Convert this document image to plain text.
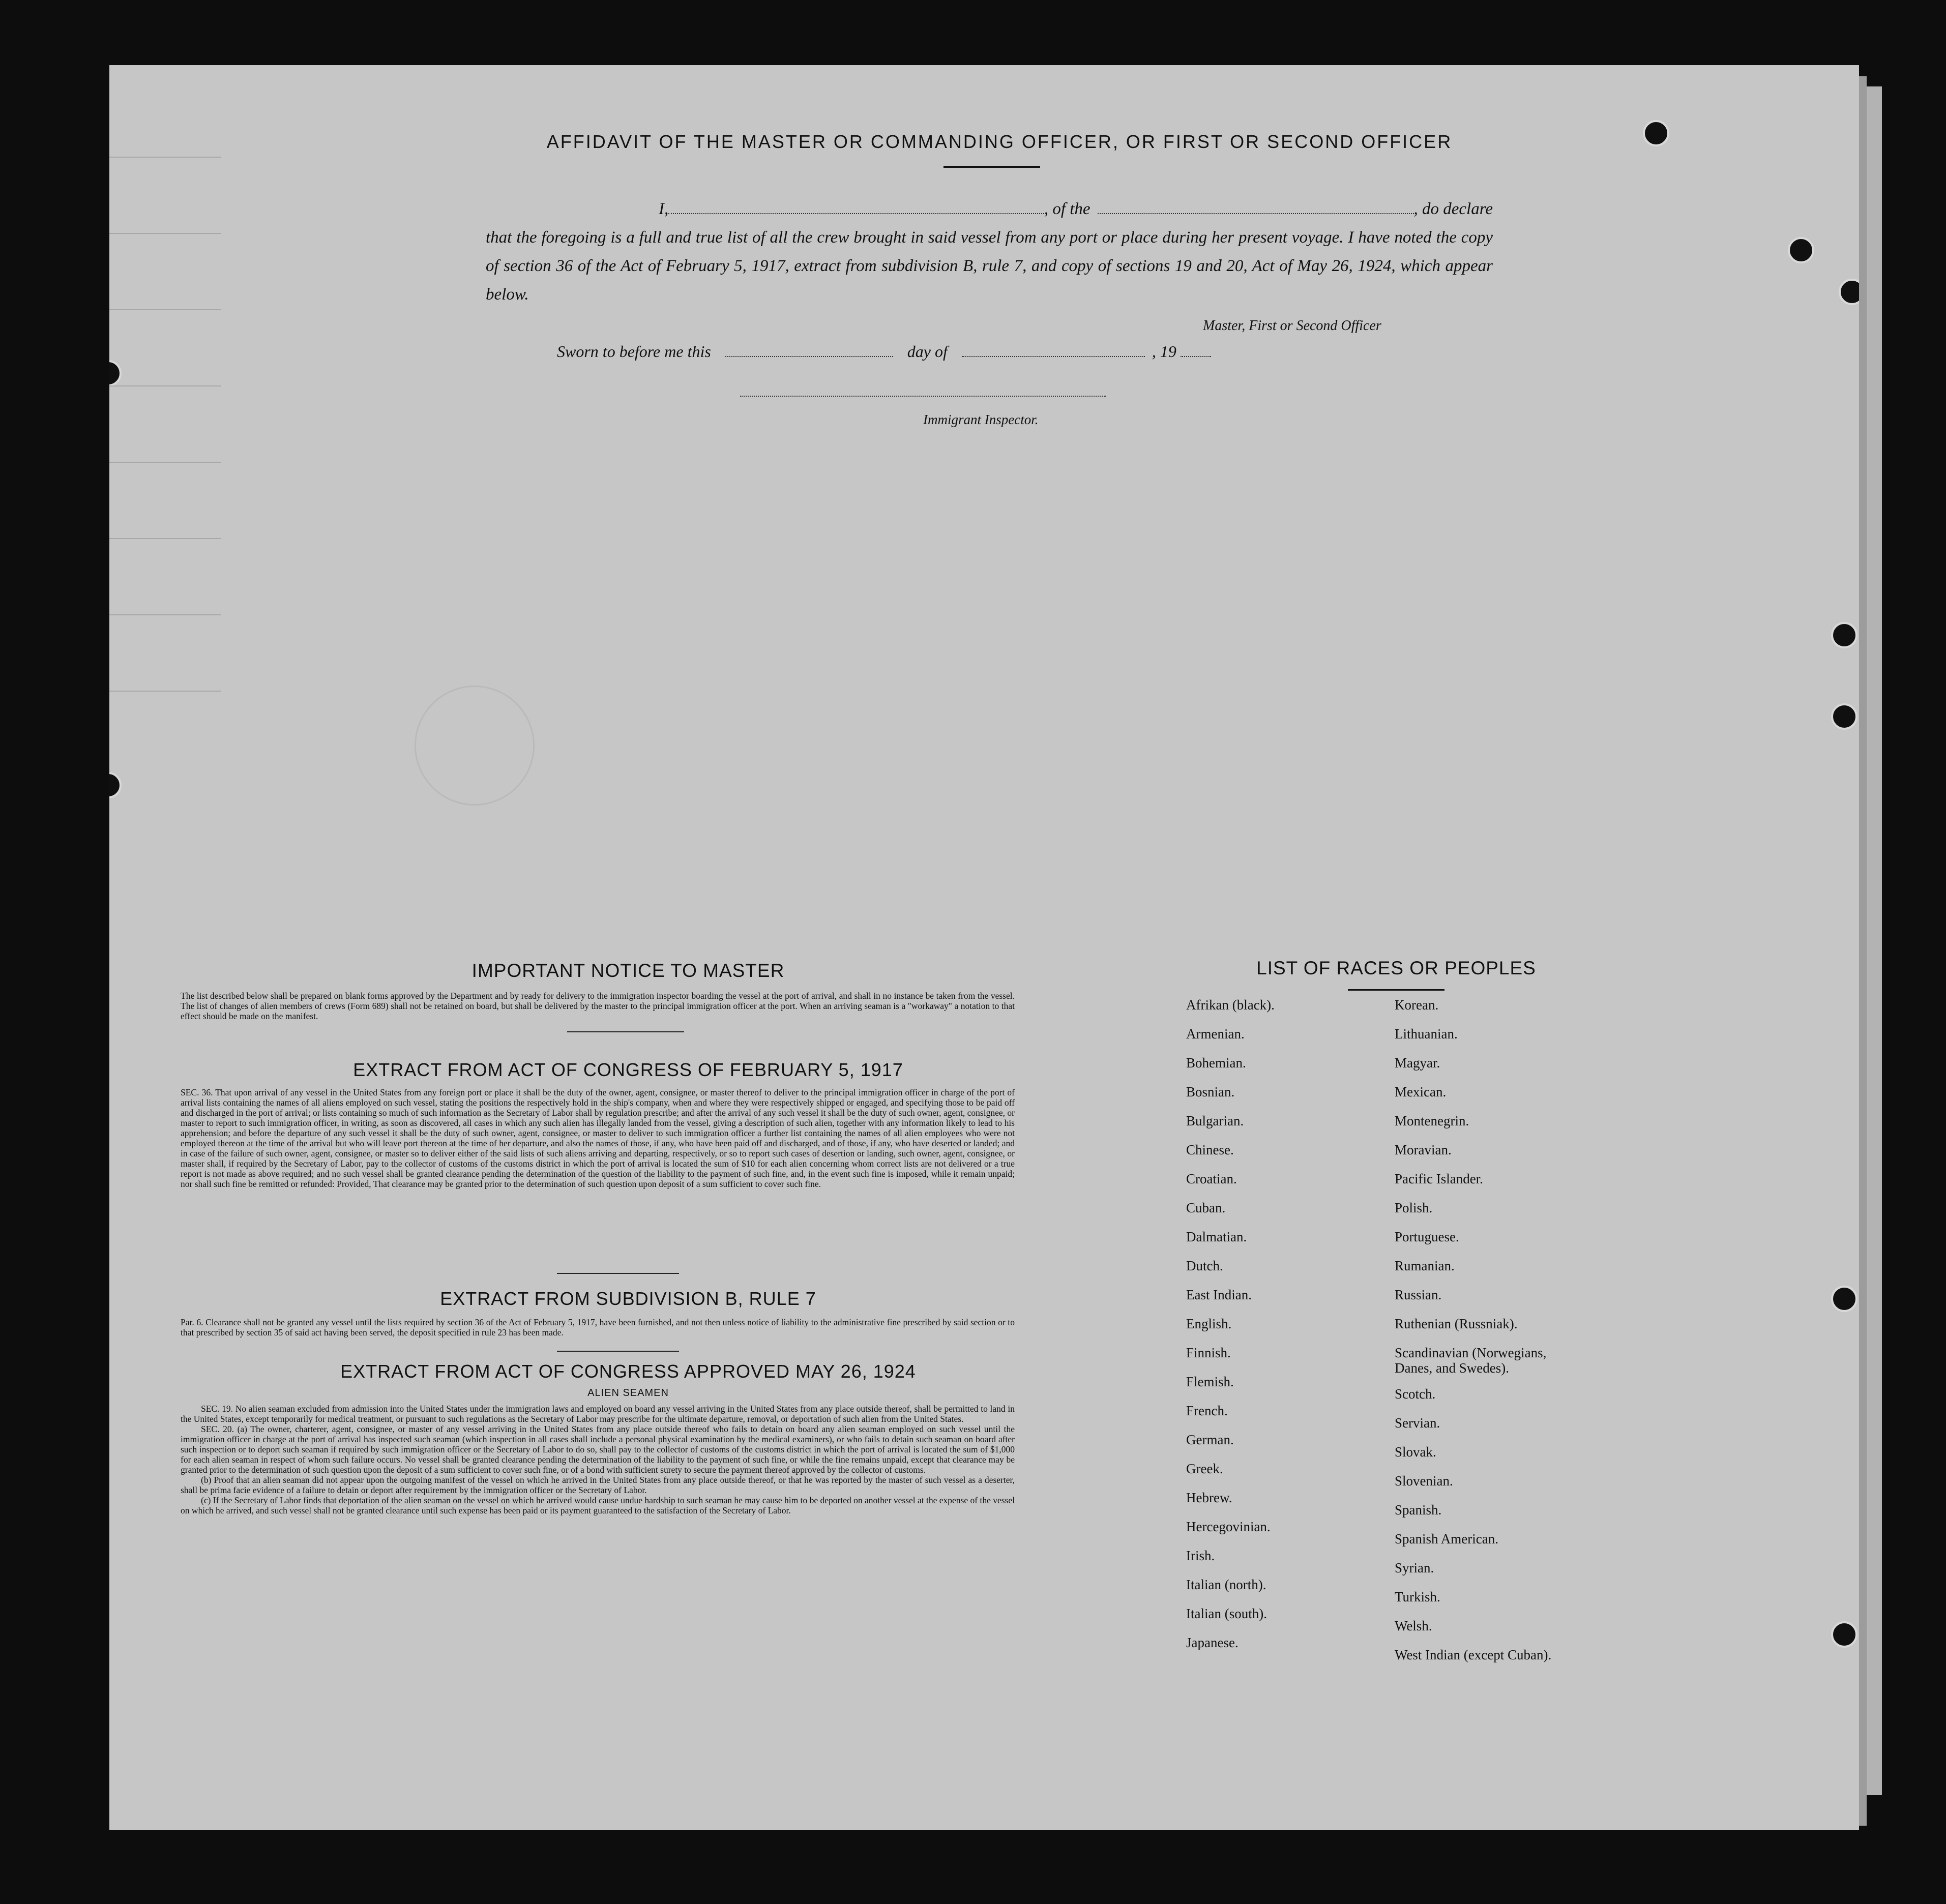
AFFIDAVIT OF THE MASTER OR COMMANDING OFFICER, OR FIRST OR SECOND OFFICER
I,	, of the	, do declare
that the foregoing is a full and true list of all the crew brought in said vessel from any port or place during her present voyage. I have noted the copy of section 36 of the Act of February 5, 1917, extract from subdivision B, rule 7, and copy of sections 19 and 20, Act of May 26, 1924, which appear below.
Master, First or Second Officer
Sworn to before me this	day of	, 19
Immigrant Inspector.
IMPORTANT NOTICE TO MASTER
The list described below shall be prepared on blank forms approved by the Department and by ready for delivery to the immigration inspector boarding the vessel at the port of arrival, and shall in no instance be taken from the vessel. The list of changes of alien members of crews (Form 689) shall not be retained on board, but shall be delivered by the master to the principal immigration officer at the port. When an arriving seaman is a "workaway" a notation to that effect should be made on the manifest.
EXTRACT FROM ACT OF CONGRESS OF FEBRUARY 5, 1917
SEC. 36. That upon arrival of any vessel in the United States from any foreign port or place it shall be the duty of the owner, agent, consignee, or master thereof to deliver to the principal immigration officer in charge of the port of arrival lists containing the names of all aliens employed on such vessel, stating the positions the respectively hold in the ship's company, when and where they were respectively shipped or engaged, and specifying those to be paid off and discharged in the port of arrival; or lists containing so much of such information as the Secretary of Labor shall by regulation prescribe; and after the arrival of any such vessel it shall be the duty of such owner, agent, consignee, or master to report to such immigration officer, in writing, as soon as discovered, all cases in which any such alien has illegally landed from the vessel, giving a description of such alien, together with any information likely to lead to his apprehension; and before the departure of any such vessel it shall be the duty of such owner, agent, consignee, or master to deliver to such immigration officer a further list containing the names of all alien employees who were not employed thereon at the time of the arrival but who will leave port thereon at the time of her departure, and also the names of those, if any, who have been paid off and discharged, and of those, if any, who have deserted or landed; and in case of the failure of such owner, agent, consignee, or master so to deliver either of the said lists of such aliens arriving and departing, respectively, or so to report such cases of desertion or landing, such owner, agent, consignee, or master shall, if required by the Secretary of Labor, pay to the collector of customs of the customs district in which the port of arrival is located the sum of $10 for each alien concerning whom correct lists are not delivered or a true report is not made as above required; and no such vessel shall be granted clearance pending the determination of the question of the liability to the payment of such fine, and, in the event such fine is imposed, while it remain unpaid; nor shall such fine be remitted or refunded: Provided, That clearance may be granted prior to the determination of such question upon deposit of a sum sufficient to cover such fine.
EXTRACT FROM SUBDIVISION B, RULE 7
Par. 6. Clearance shall not be granted any vessel until the lists required by section 36 of the Act of February 5, 1917, have been furnished, and not then unless notice of liability to the administrative fine prescribed by said section or to that prescribed by section 35 of said act having been served, the deposit specified in rule 23 has been made.
EXTRACT FROM ACT OF CONGRESS APPROVED MAY 26, 1924
ALIEN SEAMEN
SEC. 19. No alien seaman excluded from admission into the United States under the immigration laws and employed on board any vessel arriving in the United States from any place outside thereof, shall be permitted to land in the United States, except temporarily for medical treatment, or pursuant to such regulations as the Secretary of Labor may prescribe for the ultimate departure, removal, or deportation of such alien from the United States.
SEC. 20. (a) The owner, charterer, agent, consignee, or master of any vessel arriving in the United States from any place outside thereof who fails to detain on board any alien seaman employed on such vessel until the immigration officer in charge at the port of arrival has inspected such seaman (which inspection in all cases shall include a personal physical examination by the medical examiners), or who fails to detain such seaman on board after such inspection or to deport such seaman if required by such immigration officer or the Secretary of Labor to do so, shall pay to the collector of customs of the customs district in which the port of arrival is located the sum of $1,000 for each alien seaman in respect of whom such failure occurs. No vessel shall be granted clearance pending the determination of the liability to the payment of such fine, or while the fine remains unpaid, except that clearance may be granted prior to the determination of such question upon the deposit of a sum sufficient to cover such fine, or of a bond with sufficient surety to secure the payment thereof approved by the collector of customs.
(b) Proof that an alien seaman did not appear upon the outgoing manifest of the vessel on which he arrived in the United States from any place outside thereof, or that he was reported by the master of such vessel as a deserter, shall be prima facie evidence of a failure to detain or deport after requirement by the immigration officer or the Secretary of Labor.
(c) If the Secretary of Labor finds that deportation of the alien seaman on the vessel on which he arrived would cause undue hardship to such seaman he may cause him to be deported on another vessel at the expense of the vessel on which he arrived, and such vessel shall not be granted clearance until such expense has been paid or its payment guaranteed to the satisfaction of the Secretary of Labor.
LIST OF RACES OR PEOPLES
Afrikan (black).
Armenian.
Bohemian.
Bosnian.
Bulgarian.
Chinese.
Croatian.
Cuban.
Dalmatian.
Dutch.
East Indian.
English.
Finnish.
Flemish.
French.
German.
Greek.
Hebrew.
Hercegovinian.
Irish.
Italian (north).
Italian (south).
Japanese.
Korean.
Lithuanian.
Magyar.
Mexican.
Montenegrin.
Moravian.
Pacific Islander.
Polish.
Portuguese.
Rumanian.
Russian.
Ruthenian (Russniak).
Scandinavian (Norwegians, Danes, and Swedes).
Scotch.
Servian.
Slovak.
Slovenian.
Spanish.
Spanish American.
Syrian.
Turkish.
Welsh.
West Indian (except Cuban).
